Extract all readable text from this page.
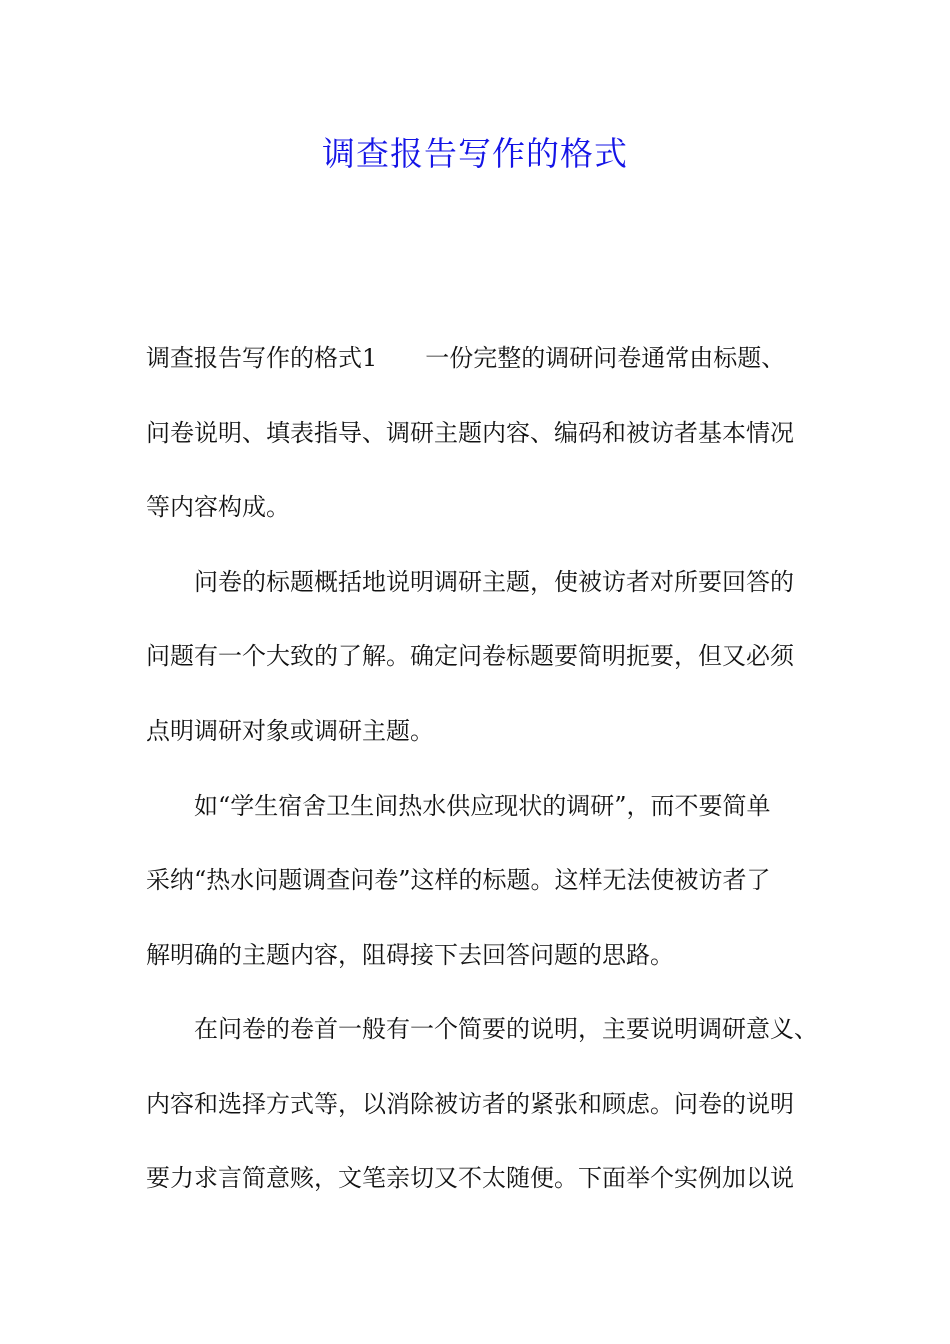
调查报告写作的格式
调查报告写作的格式1　　一份完整的调研问卷通常由标题、
问卷说明、填表指导、调研主题内容、编码和被访者基本情况
等内容构成。
　　问卷的标题概括地说明调研主题，使被访者对所要回答的
问题有一个大致的了解。确定问卷标题要简明扼要，但又必须
点明调研对象或调研主题。
　　如“学生宿舍卫生间热水供应现状的调研”，而不要简单
采纳“热水问题调查问卷”这样的标题。这样无法使被访者了
解明确的主题内容，阻碍接下去回答问题的思路。
　　在问卷的卷首一般有一个简要的说明，主要说明调研意义、
内容和选择方式等，以消除被访者的紧张和顾虑。问卷的说明
要力求言简意赅，文笔亲切又不太随便。下面举个实例加以说
